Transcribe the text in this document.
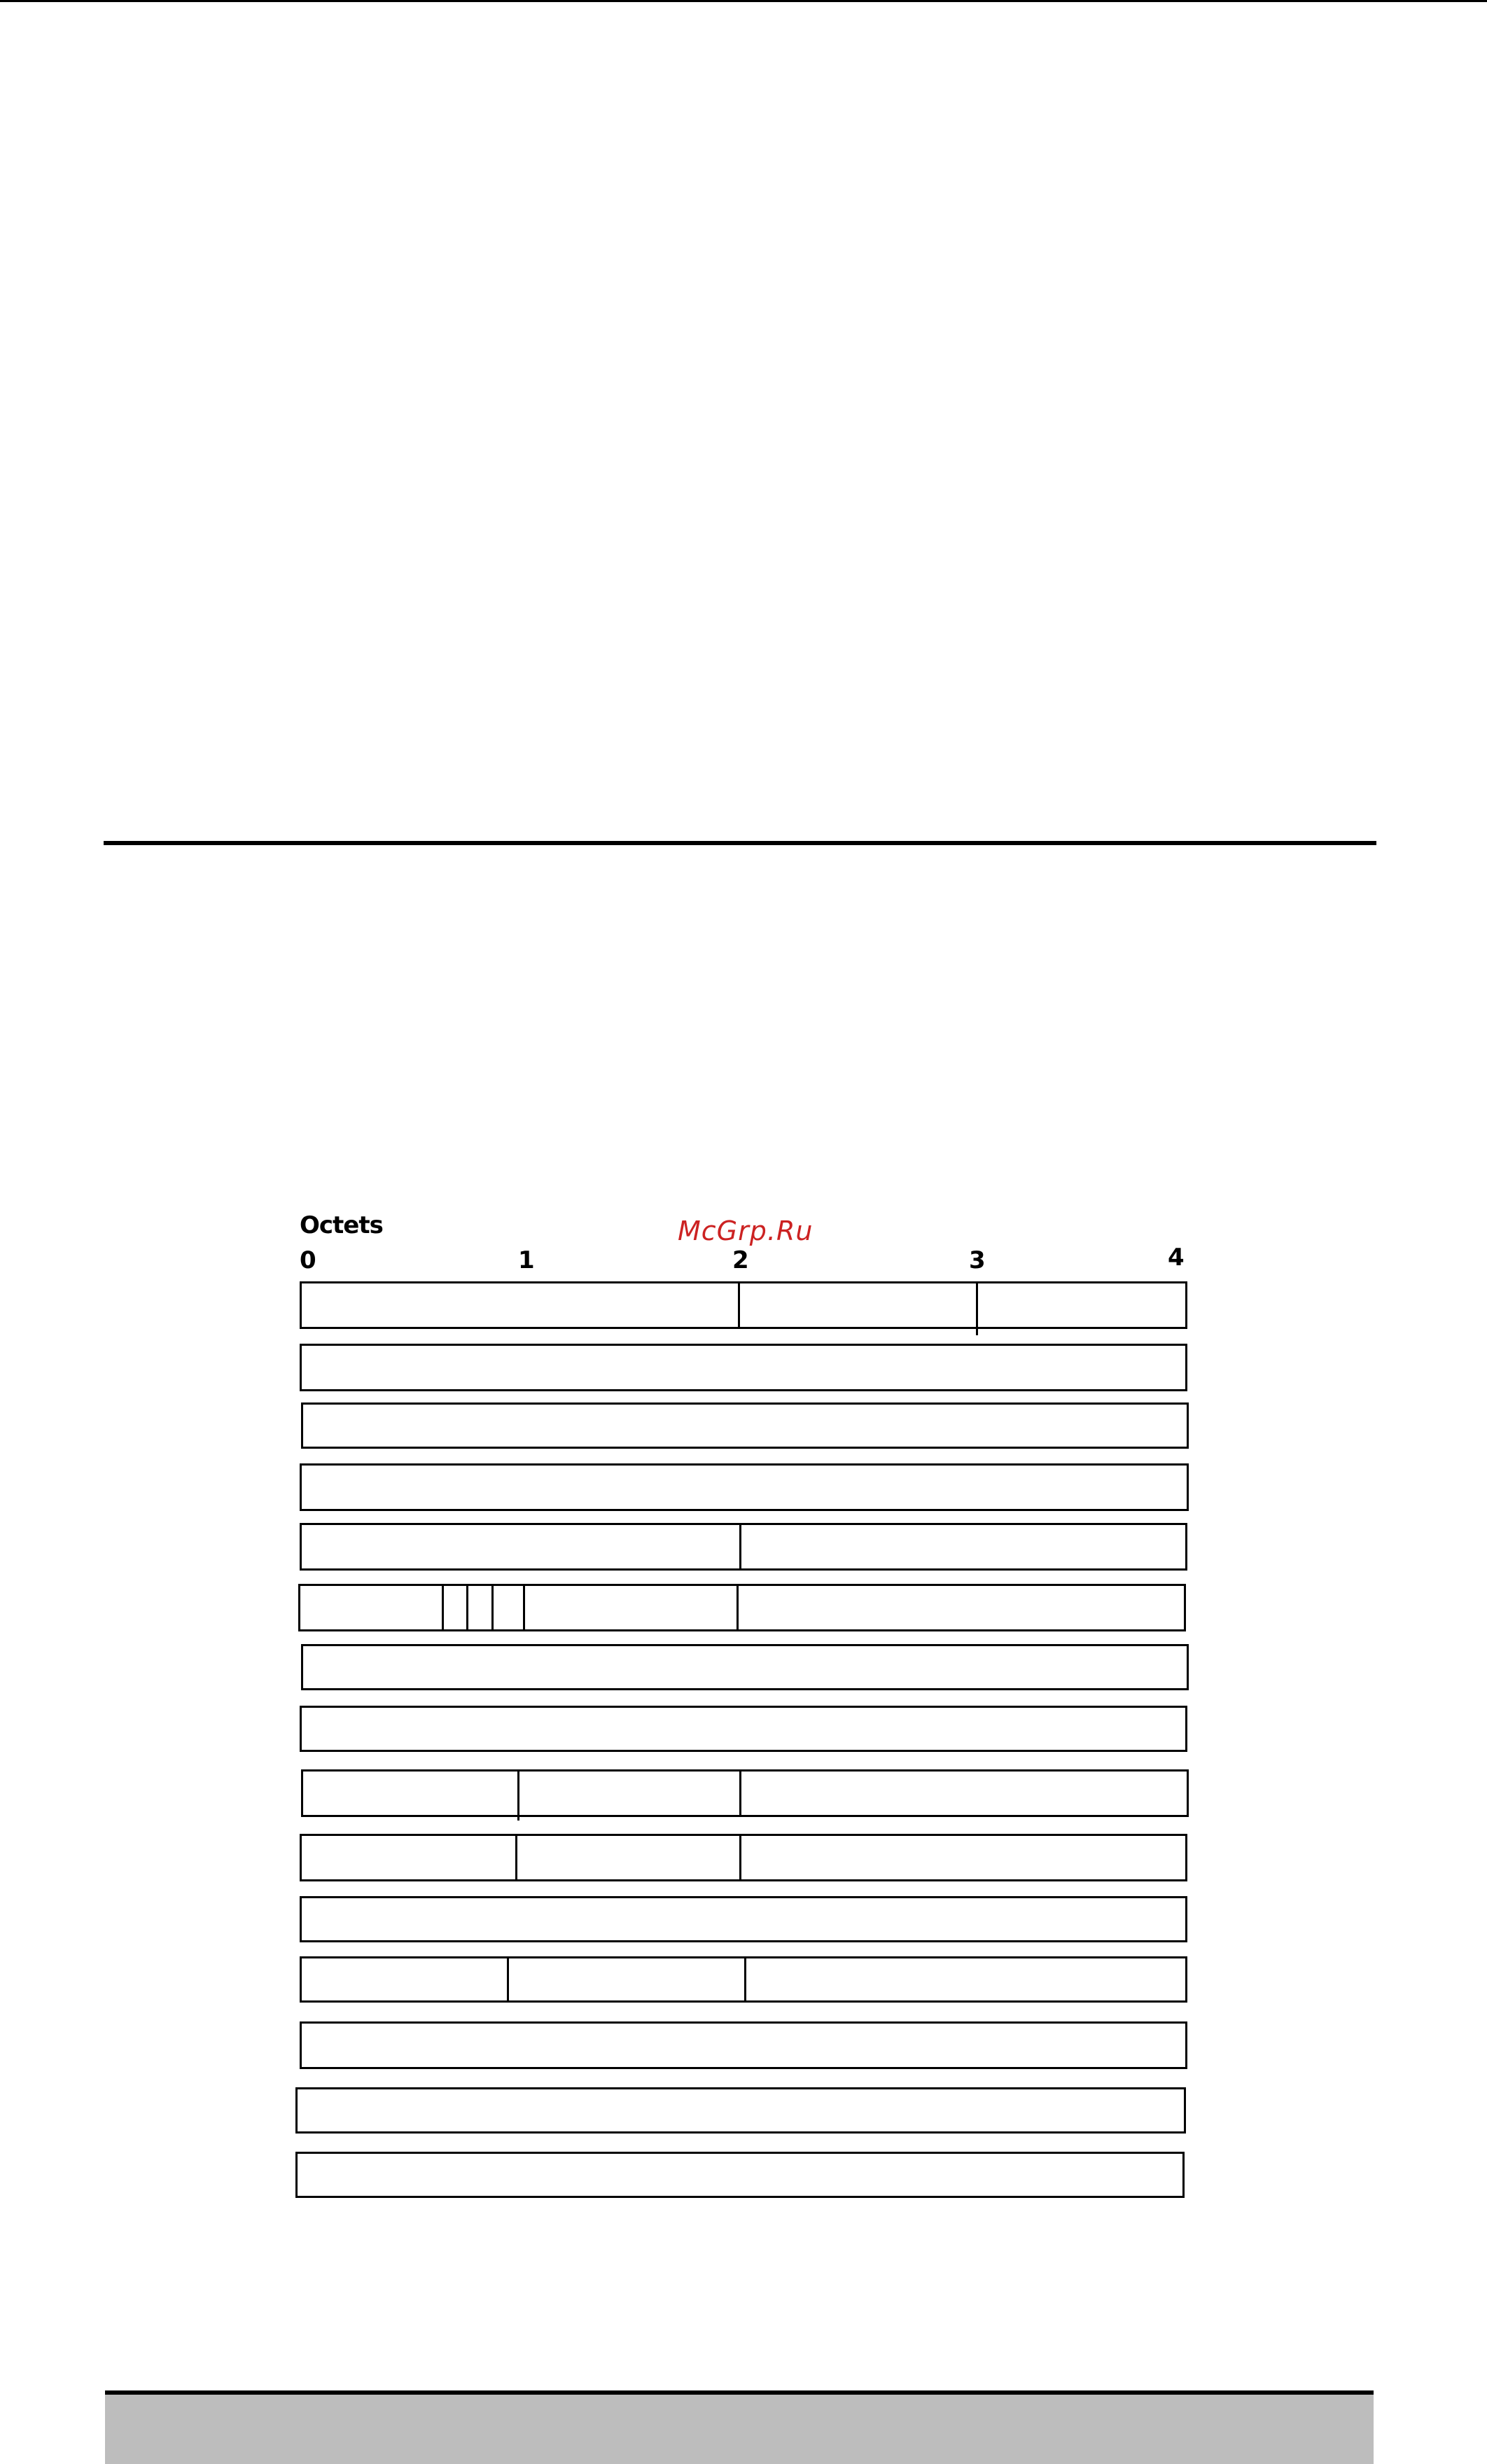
Octets
0	1	2	3	4
McGrp.Ru
